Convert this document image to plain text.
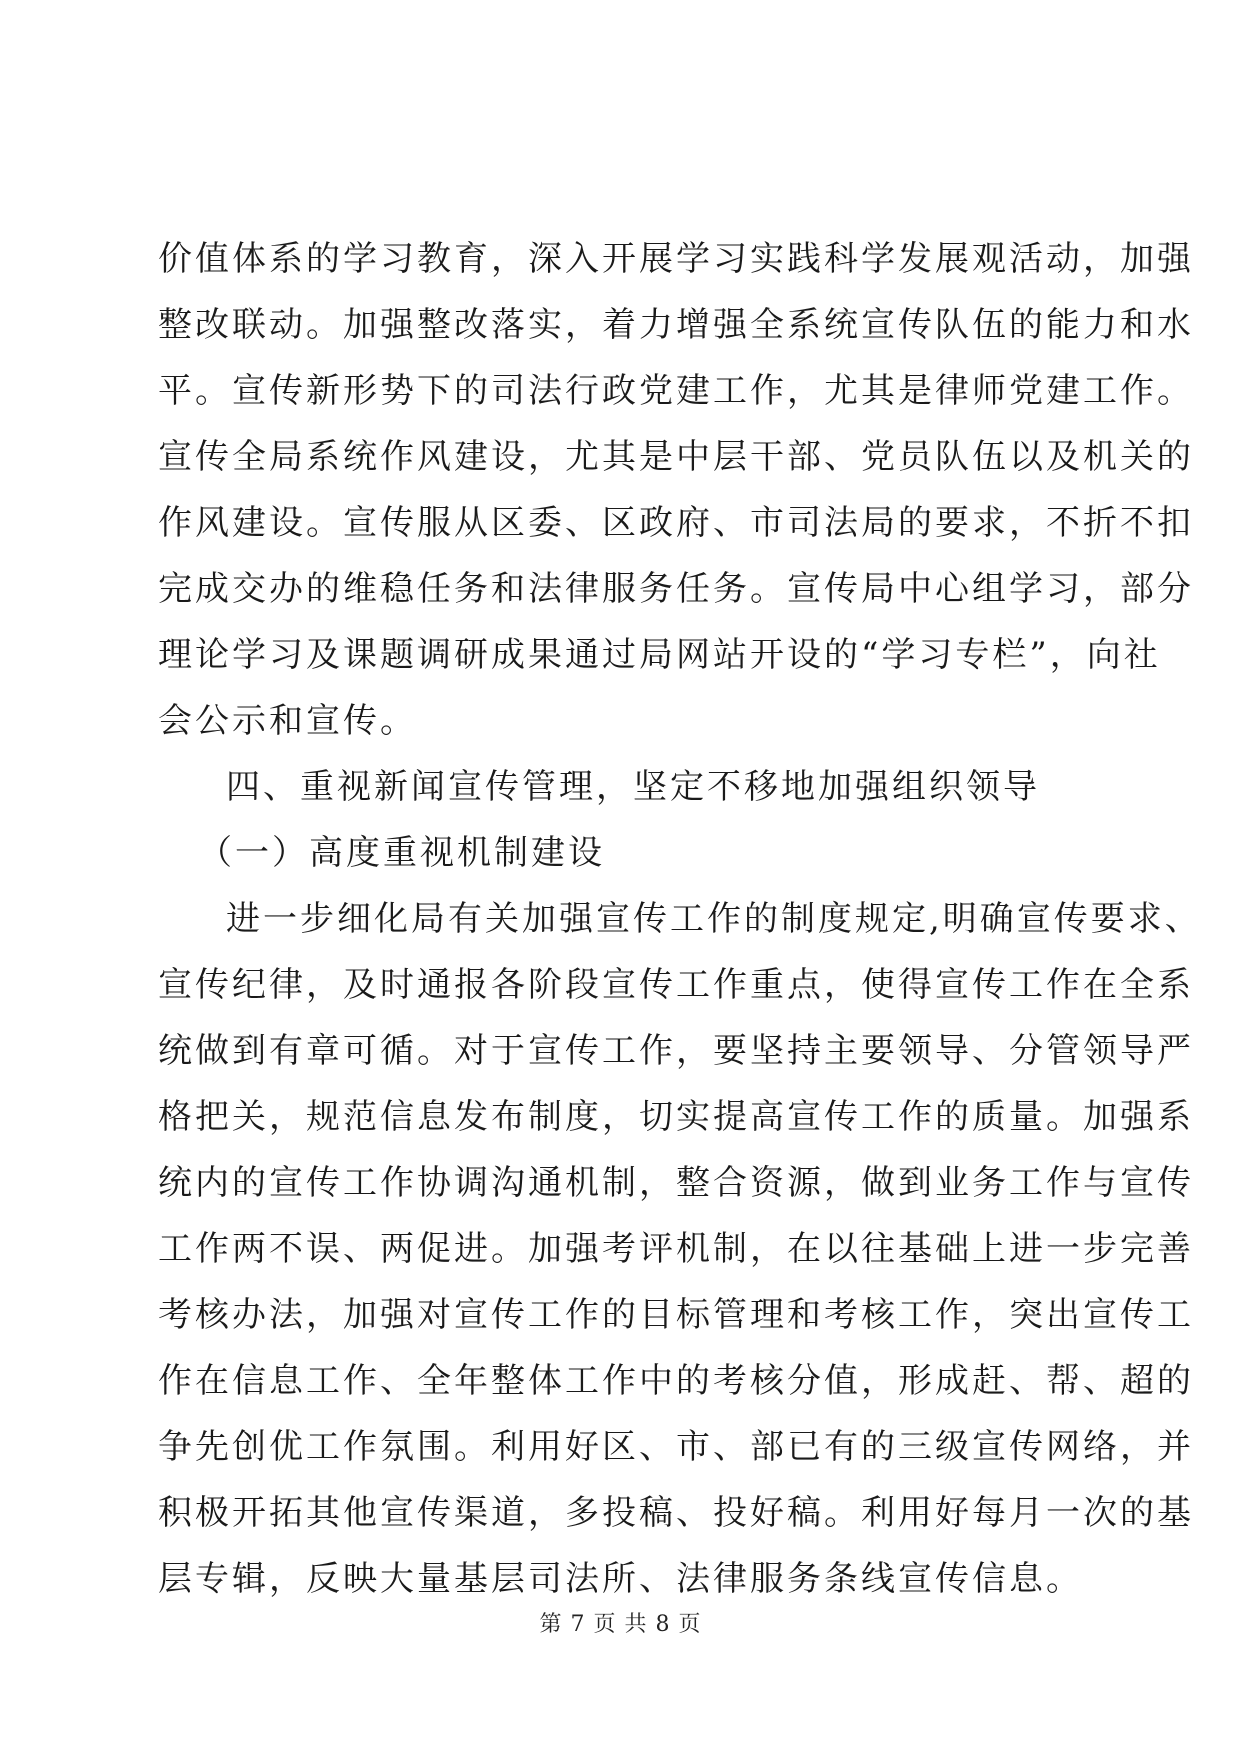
价值体系的学习教育，深入开展学习实践科学发展观活动，加强
整改联动。加强整改落实，着力增强全系统宣传队伍的能力和水
平。宣传新形势下的司法行政党建工作，尤其是律师党建工作。
宣传全局系统作风建设，尤其是中层干部、党员队伍以及机关的
作风建设。宣传服从区委、区政府、市司法局的要求，不折不扣
完成交办的维稳任务和法律服务任务。宣传局中心组学习，部分
理论学习及课题调研成果通过局网站开设的“学习专栏”，向社
会公示和宣传。
四、重视新闻宣传管理，坚定不移地加强组织领导
（一）高度重视机制建设
进一步细化局有关加强宣传工作的制度规定,明确宣传要求、
宣传纪律，及时通报各阶段宣传工作重点，使得宣传工作在全系
统做到有章可循。对于宣传工作，要坚持主要领导、分管领导严
格把关，规范信息发布制度，切实提高宣传工作的质量。加强系
统内的宣传工作协调沟通机制，整合资源，做到业务工作与宣传
工作两不误、两促进。加强考评机制，在以往基础上进一步完善
考核办法，加强对宣传工作的目标管理和考核工作，突出宣传工
作在信息工作、全年整体工作中的考核分值，形成赶、帮、超的
争先创优工作氛围。利用好区、市、部已有的三级宣传网络，并
积极开拓其他宣传渠道，多投稿、投好稿。利用好每月一次的基
层专辑，反映大量基层司法所、法律服务条线宣传信息。
第 7 页 共 8 页
